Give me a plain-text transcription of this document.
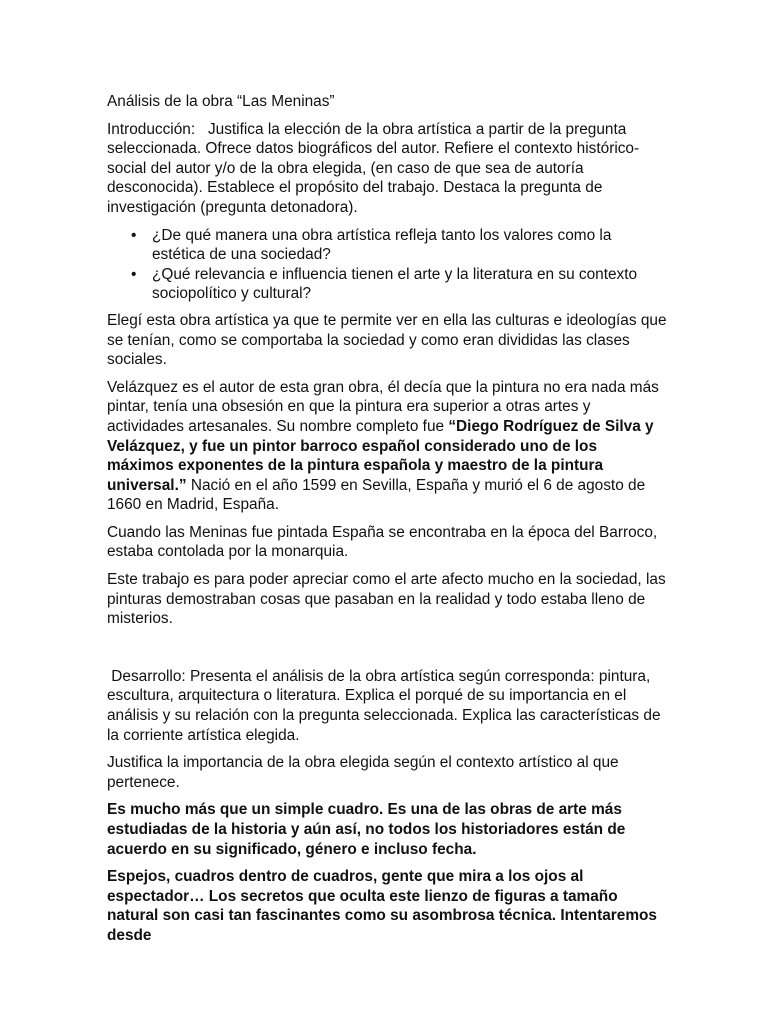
Análisis de la obra “Las Meninas”

Introducción:   Justifica la elección de la obra artística a partir de la pregunta seleccionada. Ofrece datos biográficos del autor. Refiere el contexto histórico-social del autor y/o de la obra elegida, (en caso de que sea de autoría desconocida). Establece el propósito del trabajo. Destaca la pregunta de investigación (pregunta detonadora).

• ¿De qué manera una obra artística refleja tanto los valores como la estética de una sociedad?
• ¿Qué relevancia e influencia tienen el arte y la literatura en su contexto sociopolítico y cultural?

Elegí esta obra artística ya que te permite ver en ella las culturas e ideologías que se tenían, como se comportaba la sociedad y como eran divididas las clases sociales.

Velázquez es el autor de esta gran obra, él decía que la pintura no era nada más pintar, tenía una obsesión en que la pintura era superior a otras artes y actividades artesanales. Su nombre completo fue “Diego Rodríguez de Silva y Velázquez, y fue un pintor barroco español considerado uno de los máximos exponentes de la pintura española y maestro de la pintura universal.” Nació en el año 1599 en Sevilla, España y murió el 6 de agosto de 1660 en Madrid, España.

Cuando las Meninas fue pintada España se encontraba en la época del Barroco, estaba contolada por la monarquia.

Este trabajo es para poder apreciar como el arte afecto mucho en la sociedad, las pinturas demostraban cosas que pasaban en la realidad y todo estaba lleno de misterios.

Desarrollo: Presenta el análisis de la obra artística según corresponda: pintura, escultura, arquitectura o literatura. Explica el porqué de su importancia en el análisis y su relación con la pregunta seleccionada. Explica las características de la corriente artística elegida.

Justifica la importancia de la obra elegida según el contexto artístico al que pertenece.

Es mucho más que un simple cuadro. Es una de las obras de arte más estudiadas de la historia y aún así, no todos los historiadores están de acuerdo en su significado, género e incluso fecha.

Espejos, cuadros dentro de cuadros, gente que mira a los ojos al espectador… Los secretos que oculta este lienzo de figuras a tamaño natural son casi tan fascinantes como su asombrosa técnica. Intentaremos desde
